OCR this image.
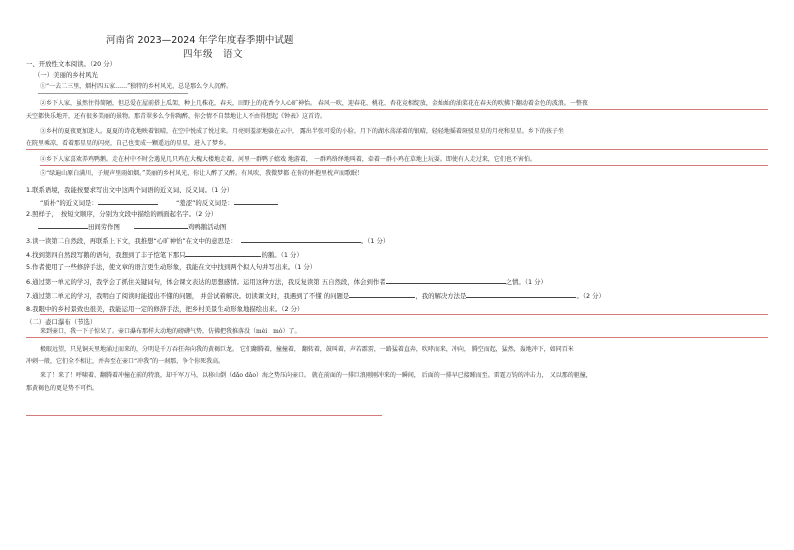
河南省 2023—2024 年学年度春季期中试题
四年级　语文
一、开放性文本阅读。（20 分）
（一）美丽的乡村风光
①“一去二三里，烟村四五家……”独特的乡村风光，总是那么令人沉醉。
②乡下人家，虽然住得简陋，但总爱在屋前搭上瓜架，种上几株花，春天，田野上的花香令人心旷神怡。 春风一吹，迎春花、桃花、杏花竞相绽放，金灿灿的油菜花在春天的吹拂下翻动着金色的波浪。一整夜
天空都快乐地开，还有很多美丽的景物。那青翠多么令你陶醉，你会情不自禁地让人不由得想起《钟表》这首诗。
③乡村的夏夜更加迷人。夏夏的诗花地映着银晴，在空中悦成了悦过来。月亮则羞涩地躲在云中， 露出半张可爱的小脸。月下的湖水荡漾着的银晴，轻轻地摇着斑驳星星的月亮和星星。乡下的孩子坐
在院里乘凉，看着那星星的闪亮，自己也变成一颗遥远的星星，进入了梦乡。
④乡下人家喜欢养鸡鸭鹅。走在村中不时会遇见几只鸡在大槐大楼地走着，河里一群鸭子嬉戏 地游着， 一群鸡络绎地叫着，牵着一群小鸡在草地上玩耍。即使有人走过来，它们也不害怕。
⑤“绿遍山原白满川，子规声里雨如烟。”美丽的乡村风光，你让人醉了又醉。有风吹，我微梦都 在你的怀抱里枕声而歌眠！
1.联系语境，我能按要求写出文中这两个词语的近义词、反义词。（1 分）
“质朴”的近义词是：	“羞涩”的反义词是：
2.照样子，　按短文顺序，分别为文段中描绘的画面起名字。（2 分）
田间劳作图	鸡鸭鹅活动图
3.读一读第二自然段，再联系上下文，我推想“心旷神怡”在文中的意思是：	。（1 分）
4.找到第四自然段写鹅的语句，我想到了丰子恺笔下那只	的鹅。（1 分）
5.作者使用了一些修辞手法，使文章的语言更生动形象，我能在文中找到两个拟人句并写出来。（1 分）
6.通过第一单元的学习，我学会了抓住关键词句，体会课文表达的思想感情。运用这种方法，我反复读第 五自然段，体会到作者	之情。（1 分）
7.通过第二单元的学习，我明白了阅读时能提出不懂的问题， 并尝试着解决。切读课文时，我遇到了不懂 的问题是	，我的解决方法是	。（2 分）
8.我眼中的乡村景致也很美，我能运用一定的修辞手法，把乡村美景生动形象地描绘出来。（2 分）
（二）壶口瀑布（节选）
来到壶口，我一下子惊呆了。壶口瀑布那样大动地的磅礴气势，仿佛把我推落没（mèi　mò）了。
极眼远望，只见铜天里地涌过而来的，分明是千万吞狂奔向我的黄褐巨龙。 它们翻腾着，撞撞着， 翻转着，鼓叫着，声若霹雳，一路猛着直奔，吹哮而来，冲向， 腾空而起，猛然，轰地冲下，如同百米
冲刺一般，它们全不相让，并奔至在壶口“冲我”的一刹那，争个你死我高。
来了！来了！呼啸着、翻腾着冲撞在前的特浪，却千军万马，以移山倒（dǎo dǎo）海之势压向壶口。 就在前面的一排巨浪刚刚冲来的一瞬间， 后面的一排早已接踵而至。雷霆万钧的冲击力， 又以那的驱撞，
那黄褐色的更是势不可挡。
